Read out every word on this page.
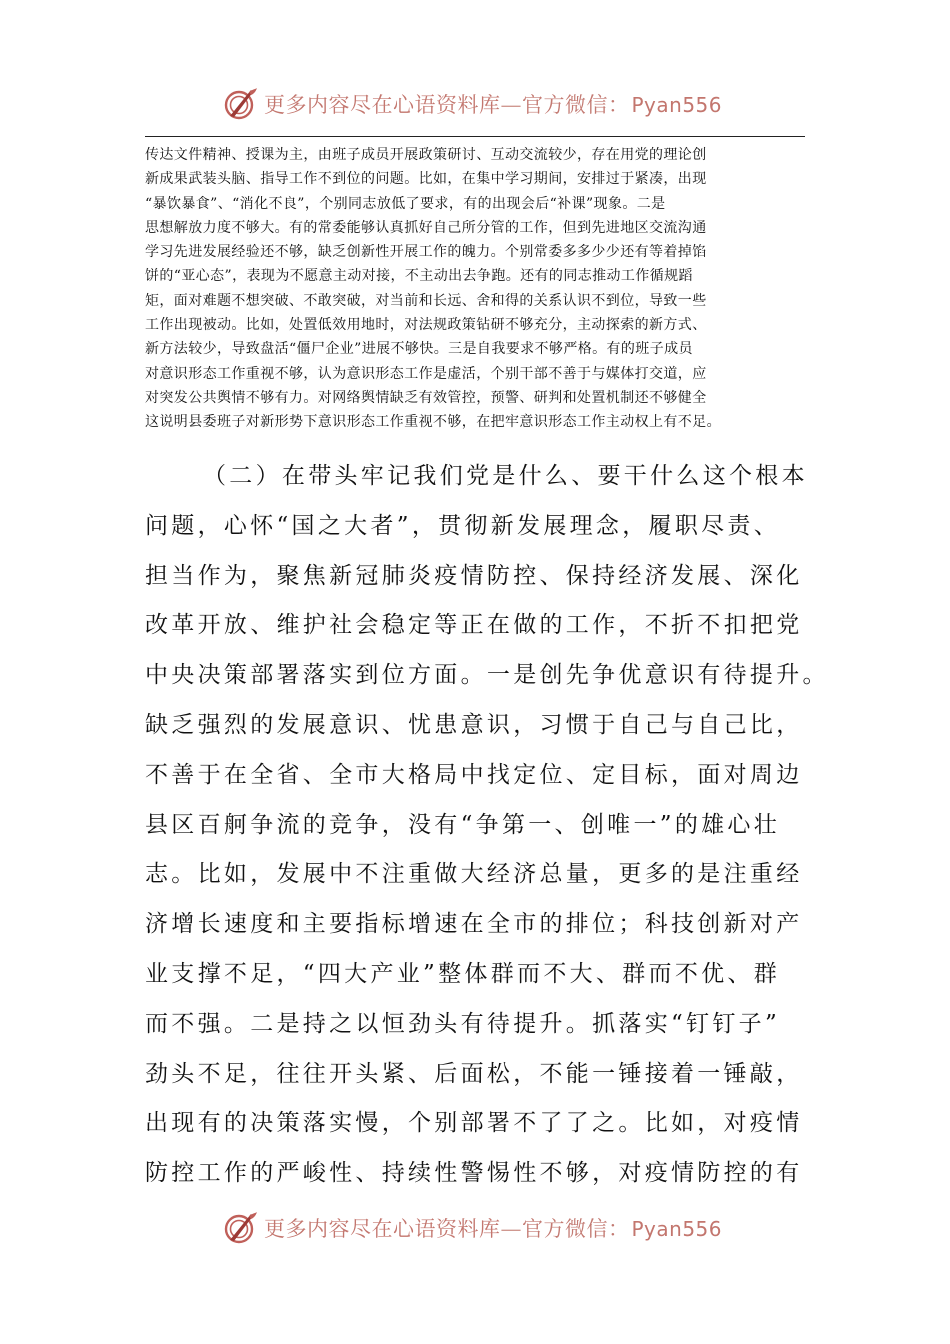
更多内容尽在心语资料库—官方微信： Pyan556
传达文件精神、授课为主，由班子成员开展政策研讨、互动交流较少，存在用党的理论创
新成果武装头脑、指导工作不到位的问题。比如，在集中学习期间，安排过于紧凑，出现
“暴饮暴食”、“消化不良”，个别同志放低了要求，有的出现会后“补课”现象。二是
思想解放力度不够大。有的常委能够认真抓好自己所分管的工作，但到先进地区交流沟通
学习先进发展经验还不够，缺乏创新性开展工作的魄力。个别常委多多少少还有等着掉馅
饼的“亚心态”，表现为不愿意主动对接，不主动出去争跑。还有的同志推动工作循规蹈
矩，面对难题不想突破、不敢突破，对当前和长远、舍和得的关系认识不到位，导致一些
工作出现被动。比如，处置低效用地时，对法规政策钻研不够充分，主动探索的新方式、
新方法较少，导致盘活“僵尸企业”进展不够快。三是自我要求不够严格。有的班子成员
对意识形态工作重视不够，认为意识形态工作是虚活，个别干部不善于与媒体打交道，应
对突发公共舆情不够有力。对网络舆情缺乏有效管控，预警、研判和处置机制还不够健全
这说明县委班子对新形势下意识形态工作重视不够，在把牢意识形态工作主动权上有不足。
（二）在带头牢记我们党是什么、要干什么这个根本
问题，心怀“国之大者”，贯彻新发展理念，履职尽责、
担当作为，聚焦新冠肺炎疫情防控、保持经济发展、深化
改革开放、维护社会稳定等正在做的工作，不折不扣把党
中央决策部署落实到位方面。一是创先争优意识有待提升。
缺乏强烈的发展意识、忧患意识，习惯于自己与自己比，
不善于在全省、全市大格局中找定位、定目标，面对周边
县区百舸争流的竞争，没有“争第一、创唯一”的雄心壮
志。比如，发展中不注重做大经济总量，更多的是注重经
济增长速度和主要指标增速在全市的排位；科技创新对产
业支撑不足，“四大产业”整体群而不大、群而不优、群
而不强。二是持之以恒劲头有待提升。抓落实“钉钉子”
劲头不足，往往开头紧、后面松，不能一锤接着一锤敲，
出现有的决策落实慢，个别部署不了了之。比如，对疫情
防控工作的严峻性、持续性警惕性不够，对疫情防控的有
更多内容尽在心语资料库—官方微信： Pyan556
